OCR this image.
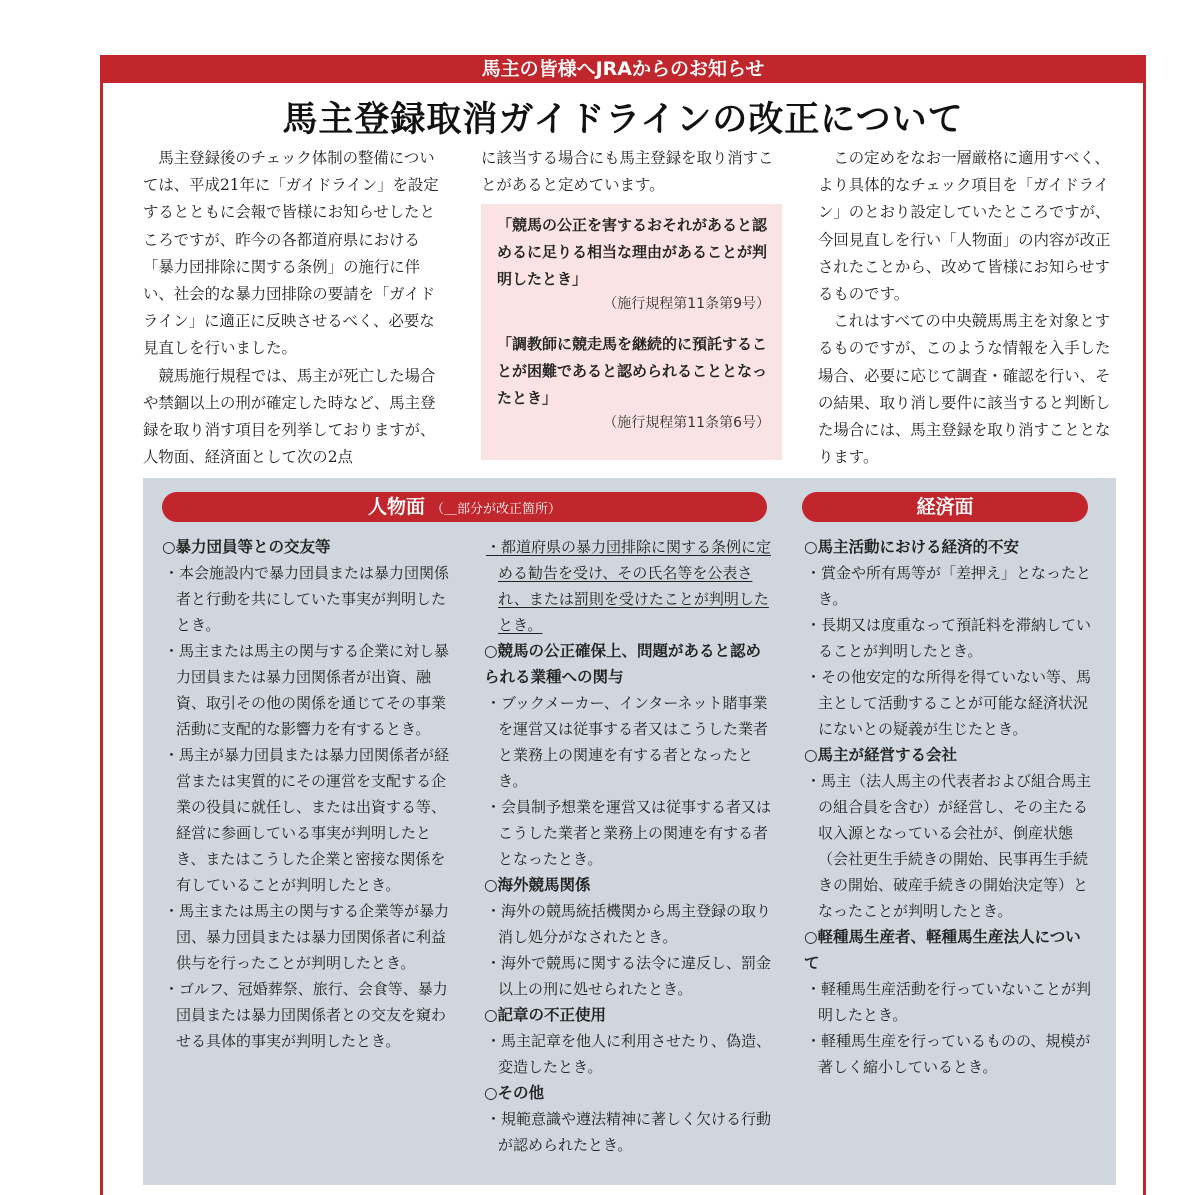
馬主の皆様へJRAからのお知らせ
馬主登録取消ガイドラインの改正について

馬主登録後のチェック体制の整備については、平成21年に「ガイドライン」を設定するとともに会報で皆様にお知らせしたところですが、昨今の各都道府県における「暴力団排除に関する条例」の施行に伴い、社会的な暴力団排除の要請を「ガイドライン」に適正に反映させるべく、必要な見直しを行いました。

競馬施行規程では、馬主が死亡した場合や禁錮以上の刑が確定した時など、馬主登録を取り消す項目を列挙しておりますが、人物面、経済面として次の2点

に該当する場合にも馬主登録を取り消すことがあると定めています。

「競馬の公正を害するおそれがあると認めるに足りる相当な理由があることが判明したとき」
（施行規程第11条第9号）
「調教師に競走馬を継続的に預託することが困難であると認められることとなったとき」
（施行規程第11条第6号）

この定めをなお一層厳格に適用すべく、より具体的なチェック項目を「ガイドライン」のとおり設定していたところですが、今回見直しを行い「人物面」の内容が改正されたことから、改めて皆様にお知らせするものです。

これはすべての中央競馬馬主を対象とするものですが、このような情報を入手した場合、必要に応じて調査・確認を行い、その結果、取り消し要件に該当すると判断した場合には、馬主登録を取り消すこととなります。

人物面 （＿部分が改正箇所）	経済面

○暴力団員等との交友等

・本会施設内で暴力団員または暴力団関係者と行動を共にしていた事実が判明したとき。

・馬主または馬主の関与する企業に対し暴力団員または暴力団関係者が出資、融資、取引その他の関係を通じてその事業活動に支配的な影響力を有するとき。

・馬主が暴力団員または暴力団関係者が経営または実質的にその運営を支配する企業の役員に就任し、または出資する等、経営に参画している事実が判明したとき、またはこうした企業と密接な関係を有していることが判明したとき。

・馬主または馬主の関与する企業等が暴力団、暴力団員または暴力団関係者に利益供与を行ったことが判明したとき。

・ゴルフ、冠婚葬祭、旅行、会食等、暴力団員または暴力団関係者との交友を窺わせる具体的事実が判明したとき。

・都道府県の暴力団排除に関する条例に定める勧告を受け、その氏名等を公表され、または罰則を受けたことが判明したとき。

○競馬の公正確保上、問題があると認められる業種への関与

・ブックメーカー、インターネット賭事業を運営又は従事する者又はこうした業者と業務上の関連を有する者となったとき。

・会員制予想業を運営又は従事する者又はこうした業者と業務上の関連を有する者となったとき。

○海外競馬関係

・海外の競馬統括機関から馬主登録の取り消し処分がなされたとき。

・海外で競馬に関する法令に違反し、罰金以上の刑に処せられたとき。

○記章の不正使用

・馬主記章を他人に利用させたり、偽造、変造したとき。

○その他

・規範意識や遵法精神に著しく欠ける行動が認められたとき。

○馬主活動における経済的不安

・賞金や所有馬等が「差押え」となったとき。

・長期又は度重なって預託料を滞納していることが判明したとき。

・その他安定的な所得を得ていない等、馬主として活動することが可能な経済状況にないとの疑義が生じたとき。

○馬主が経営する会社

・馬主（法人馬主の代表者および組合馬主の組合員を含む）が経営し、その主たる収入源となっている会社が、倒産状態（会社更生手続きの開始、民事再生手続きの開始、破産手続きの開始決定等）となったことが判明したとき。

○軽種馬生産者、軽種馬生産法人について

・軽種馬生産活動を行っていないことが判明したとき。

・軽種馬生産を行っているものの、規模が著しく縮小しているとき。
